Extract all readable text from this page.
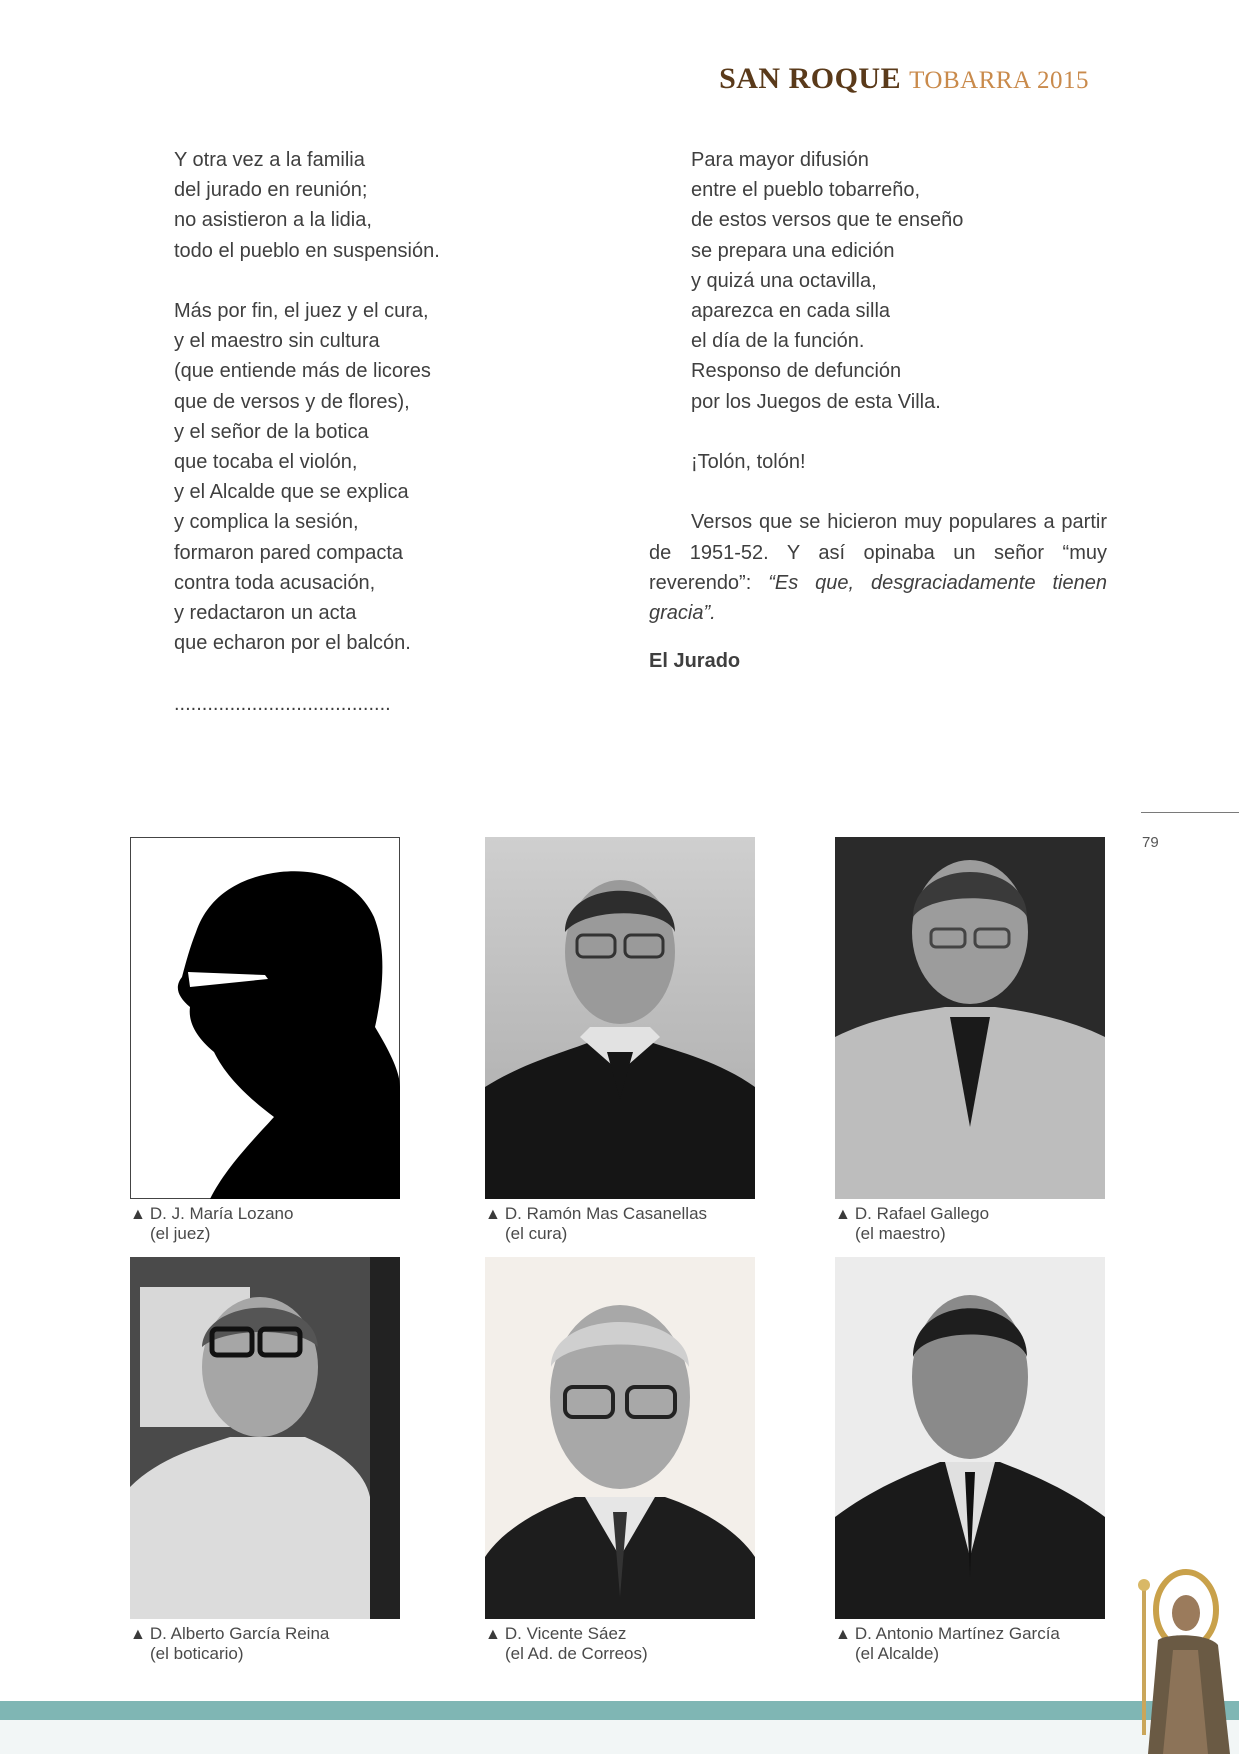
SAN ROQUE TOBARRA 2015
Y otra vez a la familia
del jurado en reunión;
no asistieron a la lidia,
todo el pueblo en suspensión.
Más por fin, el juez y el cura,
y el maestro sin cultura
(que entiende más de licores
que de versos y de flores),
y el señor de la botica
que tocaba el violón,
y el Alcalde que se explica
y complica la sesión,
formaron pared compacta
contra toda acusación,
y redactaron un acta
que echaron por el balcón.
.......................................
Para mayor difusión
entre el pueblo tobarreño,
de estos versos que te enseño
se prepara una edición
y quizá una octavilla,
aparezca en cada silla
el día de la función.
Responso de defunción
por los Juegos de esta Villa.
¡Tolón, tolón!
Versos que se hicieron muy populares a partir de 1951-52. Y así opinaba un señor “muy reverendo”: “Es que, desgraciadamente tienen gracia”.
El Jurado
79
▲ D. J. María Lozano
(el juez)
▲ D. Ramón Mas Casanellas
(el cura)
▲ D. Rafael Gallego
(el maestro)
▲ D. Alberto García Reina
(el boticario)
▲ D. Vicente Sáez
(el Ad. de Correos)
▲ D. Antonio Martínez García
(el Alcalde)
